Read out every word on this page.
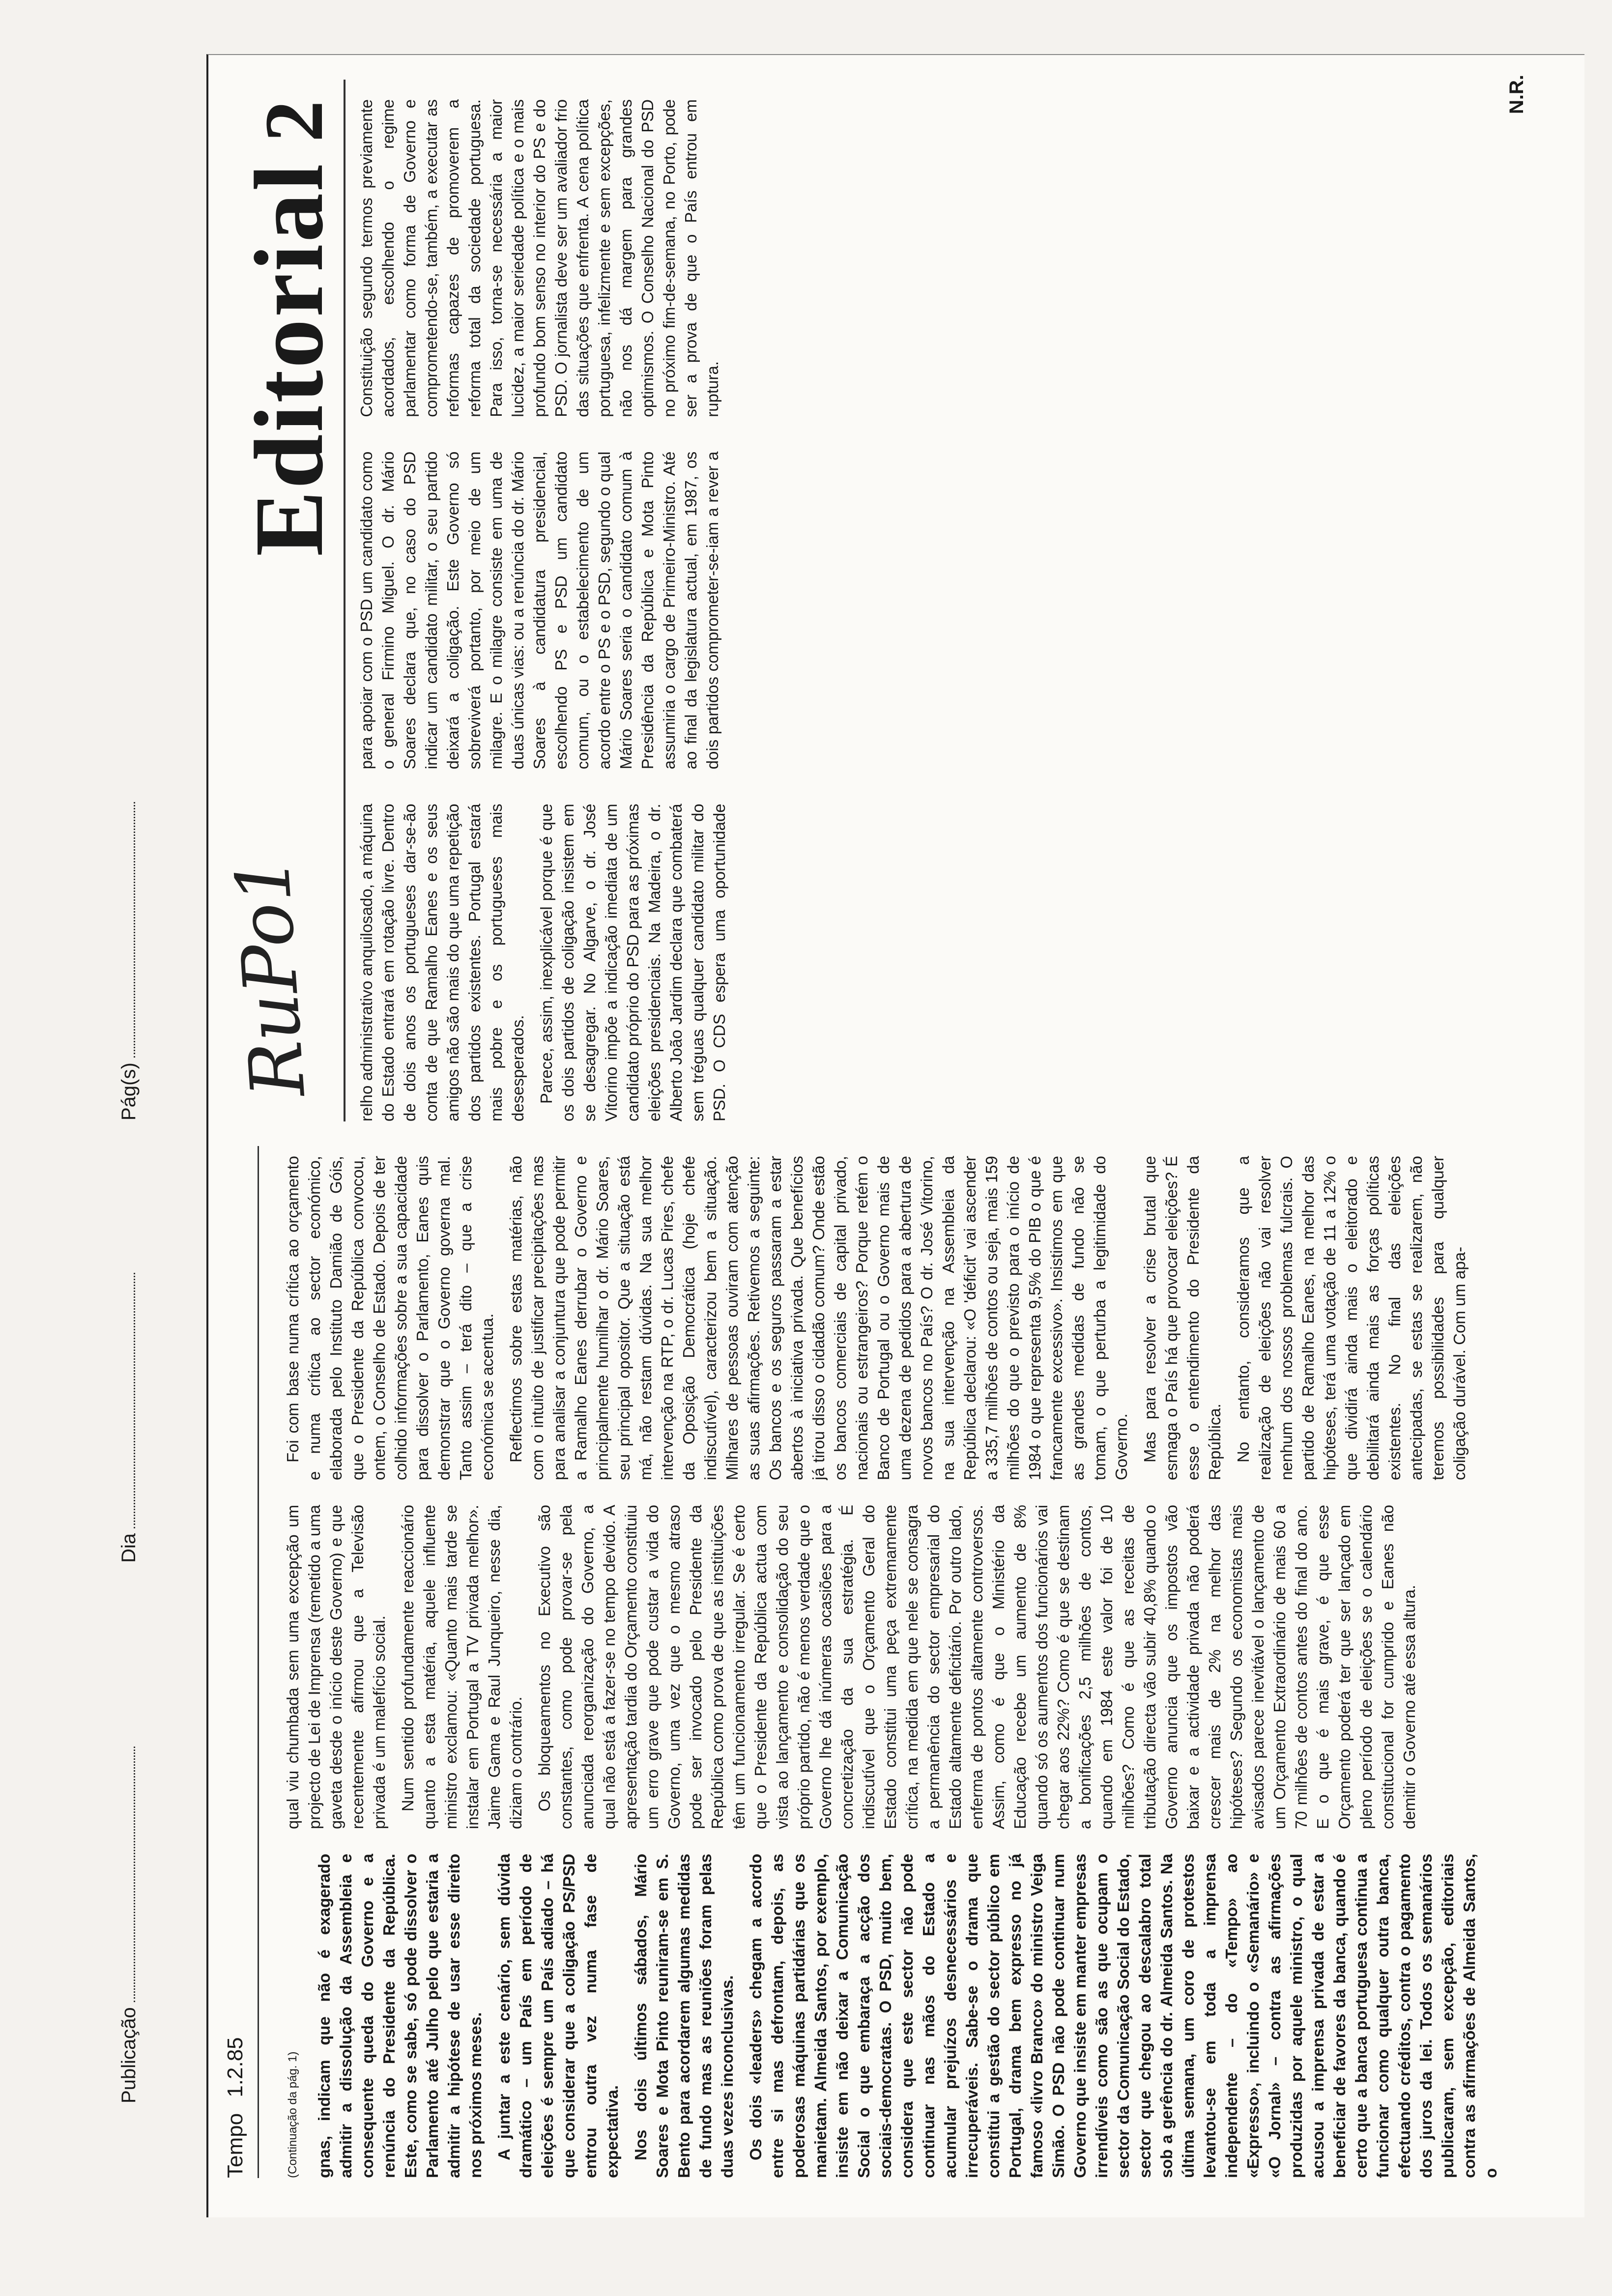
Publicação
Dia
Pág(s)
Tempo 1.2.85
RuPo1
Editorial2

(Continuação da pág. 1) gnas, indicam que não é exagerado admitir a dissolução da Assembleia e consequente queda do Governo e a renúncia do Presidente da República. Este, como se sabe, só pode dissolver o Parlamento até Julho pelo que estaria a admitir a hipótese de usar esse direito nos próximos meses. A juntar a este cenário, sem dúvida dramático – um País em período de eleições é sempre um País adiado – há que considerar que a coligação PS/PSD entrou outra vez numa fase de expectativa. Nos dois últimos sábados, Mário Soares e Mota Pinto reuniram-se em S. Bento para acordarem algumas medidas de fundo mas as reuniões foram pelas duas vezes inconclusivas. Os dois «leaders» chegam a acordo entre si mas defrontam, depois, as poderosas máquinas partidárias que os manietam. Almeida Santos, por exemplo, insiste em não deixar a Comunicação Social o que embaraça a acção dos sociais-democratas. O PSD, muito bem, considera que este sector não pode continuar nas mãos do Estado a acumular prejuízos desnecessários e irrecuperáveis. Sabe-se o drama que constitui a gestão do sector público em Portugal, drama bem expresso no já famoso «livro Branco» do ministro Veiga Simão. O PSD não pode continuar num Governo que insiste em manter empresas irrendíveis como são as que ocupam o sector da Comunicação Social do Estado, sector que chegou ao descalabro total sob a gerência do dr. Almeida Santos. Na última semana, um coro de protestos levantou-se em toda a imprensa independente – do «Tempo» ao «Expresso», incluindo o «Semanário» e «O Jornal» – contra as afirmações produzidas por aquele ministro, o qual acusou a imprensa privada de estar a beneficiar de favores da banca, quando é certo que a banca portuguesa continua a funcionar como qualquer outra banca, efectuando créditos, contra o pagamento dos juros da lei. Todos os semanários publicaram, sem excepção, editoriais contra as afirmações de Almeida Santos, o

qual viu chumbada sem uma excepção um projecto de Lei de Imprensa (remetido a uma gaveta desde o início deste Governo) e que recentemente afirmou que a Televisão privada é um malefício social. Num sentido profundamente reaccionário quanto a esta matéria, aquele influente ministro exclamou: «Quanto mais tarde se instalar em Portugal a TV privada melhor». Jaime Gama e Raul Junqueiro, nesse dia, diziam o contrário. Os bloqueamentos no Executivo são constantes, como pode provar-se pela anunciada reorganização do Governo, a qual não está a fazer-se no tempo devido. A apresentação tardia do Orçamento constituiu um erro grave que pode custar a vida do Governo, uma vez que o mesmo atraso pode ser invocado pelo Presidente da República como prova de que as instituições têm um funcionamento irregular. Se é certo que o Presidente da República actua com vista ao lançamento e consolidação do seu próprio partido, não é menos verdade que o Governo lhe dá inúmeras ocasiões para a concretização da sua estratégia. É indiscutível que o Orçamento Geral do Estado constitui uma peça extremamente crítica, na medida em que nele se consagra a permanência do sector empresarial do Estado altamente deficitário. Por outro lado, enferma de pontos altamente controversos. Assim, como é que o Ministério da Educação recebe um aumento de 8% quando só os aumentos dos funcionários vai chegar aos 22%? Como é que se destinam a bonificações 2,5 milhões de contos, quando em 1984 este valor foi de 10 milhões? Como é que as receitas de tributação directa vão subir 40,8% quando o Governo anuncia que os impostos vão baixar e a actividade privada não poderá crescer mais de 2% na melhor das hipóteses? Segundo os economistas mais avisados parece inevitável o lançamento de um Orçamento Extraordinário de mais 60 a 70 milhões de contos antes do final do ano. E o que é mais grave, é que esse Orçamento poderá ter que ser lançado em pleno período de eleições se o calendário constitucional for cumprido e Eanes não demitir o Governo até essa altura.

Foi com base numa crítica ao orçamento e numa crítica ao sector económico, elaborada pelo Instituto Damião de Góis, que o Presidente da República convocou, ontem, o Conselho de Estado. Depois de ter colhido informações sobre a sua capacidade para dissolver o Parlamento, Eanes quis demonstrar que o Governo governa mal. Tanto assim – terá dito – que a crise económica se acentua. Reflectimos sobre estas matérias, não com o intuito de justificar precipitações mas para analisar a conjuntura que pode permitir a Ramalho Eanes derrubar o Governo e principalmente humilhar o dr. Mário Soares, seu principal opositor. Que a situação está má, não restam dúvidas. Na sua melhor intervenção na RTP, o dr. Lucas Pires, chefe da Oposição Democrática (hoje chefe indiscutível), caracterizou bem a situação. Milhares de pessoas ouviram com atenção as suas afirmações. Retivemos a seguinte: Os bancos e os seguros passaram a estar abertos à iniciativa privada. Que benefícios já tirou disso o cidadão comum? Onde estão os bancos comerciais de capital privado, nacionais ou estrangeiros? Porque retém o Banco de Portugal ou o Governo mais de uma dezena de pedidos para a abertura de novos bancos no País? O dr. José Vitorino, na sua intervenção na Assembleia da República declarou: «O 'déficit' vai ascender a 335,7 milhões de contos ou seja, mais 159 milhões do que o previsto para o início de 1984 o que representa 9,5% do PIB o que é francamente excessivo». Insistimos em que as grandes medidas de fundo não se tomam, o que perturba a legitimidade do Governo. Mas para resolver a crise brutal que esmaga o País há que provocar eleições? É esse o entendimento do Presidente da República. No entanto, consideramos que a realização de eleições não vai resolver nenhum dos nossos problemas fulcrais. O partido de Ramalho Eanes, na melhor das hipóteses, terá uma votação de 11 a 12% o que dividirá ainda mais o eleitorado e debilitará ainda mais as forças políticas existentes. No final das eleições antecipadas, se estas se realizarem, não teremos possibilidades para qualquer coligação durável. Com um apa-

relho administrativo anquilosado, a máquina do Estado entrará em rotação livre. Dentro de dois anos os portugueses dar-se-ão conta de que Ramalho Eanes e os seus amigos não são mais do que uma repetição dos partidos existentes. Portugal estará mais pobre e os portugueses mais desesperados. Parece, assim, inexplicável porque é que os dois partidos de coligação insistem em se desagregar. No Algarve, o dr. José Vitorino impõe a indicação imediata de um candidato próprio do PSD para as próximas eleições presidenciais. Na Madeira, o dr. Alberto João Jardim declara que combaterá sem tréguas qualquer candidato militar do PSD. O CDS espera uma oportunidade para apoiar com o PSD um candidato como o general Firmino Miguel. O dr. Mário Soares declara que, no caso do PSD indicar um candidato militar, o seu partido deixará a coligação. Este Governo só sobreviverá portanto, por meio de um milagre. E o milagre consiste em uma de duas únicas vias: ou a renúncia do dr. Mário Soares à candidatura presidencial, escolhendo PS e PSD um candidato comum, ou o estabelecimento de um acordo entre o PS e o PSD, segundo o qual Mário Soares seria o candidato comum à Presidência da República e Mota Pinto assumiria o cargo de Primeiro-Ministro. Até ao final da legislatura actual, em 1987, os dois partidos comprometer-se-iam a rever a Constituição segundo termos previamente acordados, escolhendo o regime parlamentar como forma de Governo e comprometendo-se, também, a executar as reformas capazes de promoverem a reforma total da sociedade portuguesa. Para isso, torna-se necessária a maior lucidez, a maior seriedade política e o mais profundo bom senso no interior do PS e do PSD. O jornalista deve ser um avaliador frio das situações que enfrenta. A cena política portuguesa, infelizmente e sem excepções, não nos dá margem para grandes optimismos. O Conselho Nacional do PSD no próximo fim-de-semana, no Porto, pode ser a prova de que o País entrou em ruptura.

N.R.
